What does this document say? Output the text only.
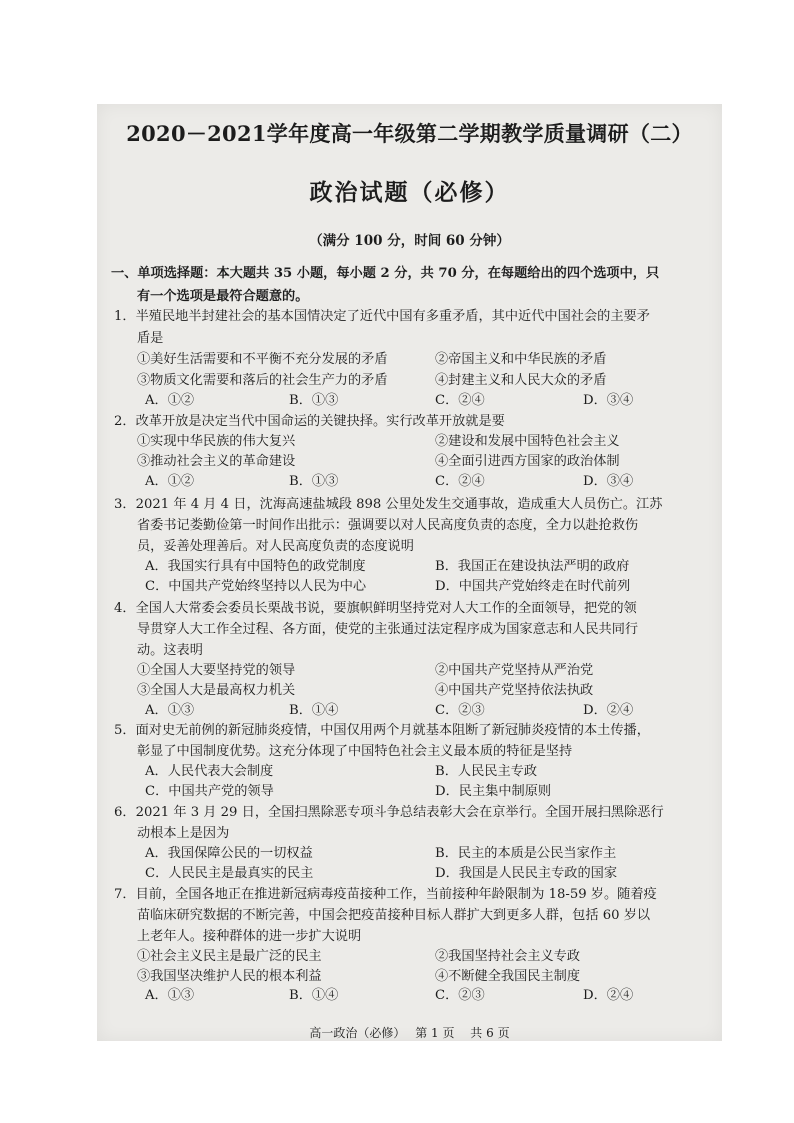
2020－2021学年度高一年级第二学期教学质量调研（二）
政治试题（必修）
（满分 100 分，时间 60 分钟）
一、单项选择题：本大题共 35 小题，每小题 2 分，共 70 分，在每题给出的四个选项中，只
有一个选项是最符合题意的。
1．半殖民地半封建社会的基本国情决定了近代中国有多重矛盾，其中近代中国社会的主要矛
盾是
①美好生活需要和不平衡不充分发展的矛盾	②帝国主义和中华民族的矛盾
③物质文化需要和落后的社会生产力的矛盾	④封建主义和人民大众的矛盾
A．①②	B．①③	C．②④	D．③④
2．改革开放是决定当代中国命运的关键抉择。实行改革开放就是要
①实现中华民族的伟大复兴	②建设和发展中国特色社会主义
③推动社会主义的革命建设	④全面引进西方国家的政治体制
A．①②	B．①③	C．②④	D．③④
3．2021 年 4 月 4 日，沈海高速盐城段 898 公里处发生交通事故，造成重大人员伤亡。江苏
省委书记娄勤俭第一时间作出批示：强调要以对人民高度负责的态度，全力以赴抢救伤
员，妥善处理善后。对人民高度负责的态度说明
A．我国实行具有中国特色的政党制度	B．我国正在建设执法严明的政府
C．中国共产党始终坚持以人民为中心	D．中国共产党始终走在时代前列
4．全国人大常委会委员长栗战书说，要旗帜鲜明坚持党对人大工作的全面领导，把党的领
导贯穿人大工作全过程、各方面，使党的主张通过法定程序成为国家意志和人民共同行
动。这表明
①全国人大要坚持党的领导	②中国共产党坚持从严治党
③全国人大是最高权力机关	④中国共产党坚持依法执政
A．①③	B．①④	C．②③	D．②④
5．面对史无前例的新冠肺炎疫情，中国仅用两个月就基本阻断了新冠肺炎疫情的本土传播，
彰显了中国制度优势。这充分体现了中国特色社会主义最本质的特征是坚持
A．人民代表大会制度	B．人民民主专政
C．中国共产党的领导	D．民主集中制原则
6．2021 年 3 月 29 日，全国扫黑除恶专项斗争总结表彰大会在京举行。全国开展扫黑除恶行
动根本上是因为
A．我国保障公民的一切权益	B．民主的本质是公民当家作主
C．人民民主是最真实的民主	D．我国是人民民主专政的国家
7．目前，全国各地正在推进新冠病毒疫苗接种工作，当前接种年龄限制为 18-59 岁。随着疫
苗临床研究数据的不断完善，中国会把疫苗接种目标人群扩大到更多人群，包括 60 岁以
上老年人。接种群体的进一步扩大说明
①社会主义民主是最广泛的民主	②我国坚持社会主义专政
③我国坚决维护人民的根本利益	④不断健全我国民主制度
A．①③	B．①④	C．②③	D．②④
高一政治（必修）　 第 1 页　 共 6 页
